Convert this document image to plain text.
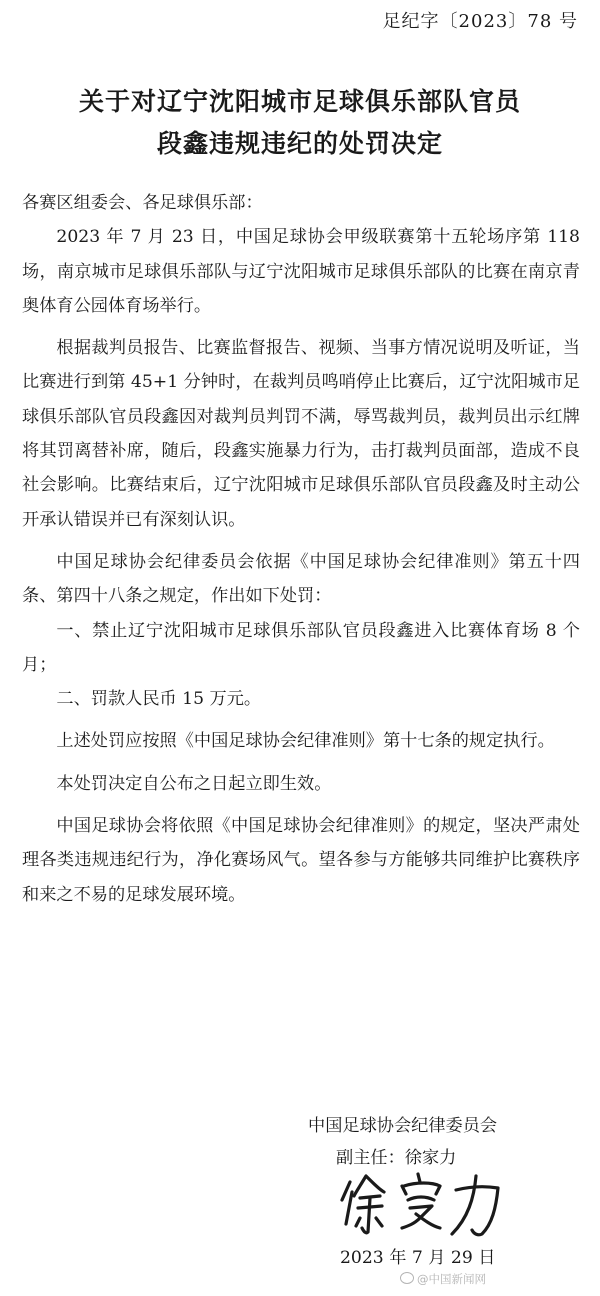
足纪字〔2023〕78 号
关于对辽宁沈阳城市足球俱乐部队官员
段鑫违规违纪的处罚决定

各赛区组委会、各足球俱乐部：

2023 年 7 月 23 日，中国足球协会甲级联赛第十五轮场序第 118 场，南京城市足球俱乐部队与辽宁沈阳城市足球俱乐部队的比赛在南京青奥体育公园体育场举行。

根据裁判员报告、比赛监督报告、视频、当事方情况说明及听证，当比赛进行到第 45+1 分钟时，在裁判员鸣哨停止比赛后，辽宁沈阳城市足球俱乐部队官员段鑫因对裁判员判罚不满，辱骂裁判员，裁判员出示红牌将其罚离替补席，随后，段鑫实施暴力行为，击打裁判员面部，造成不良社会影响。比赛结束后，辽宁沈阳城市足球俱乐部队官员段鑫及时主动公开承认错误并已有深刻认识。

中国足球协会纪律委员会依据《中国足球协会纪律准则》第五十四条、第四十八条之规定，作出如下处罚：

一、禁止辽宁沈阳城市足球俱乐部队官员段鑫进入比赛体育场 8 个月；

二、罚款人民币 15 万元。

上述处罚应按照《中国足球协会纪律准则》第十七条的规定执行。

本处罚决定自公布之日起立即生效。

中国足球协会将依照《中国足球协会纪律准则》的规定，坚决严肃处理各类违规违纪行为，净化赛场风气。望各参与方能够共同维护比赛秩序和来之不易的足球发展环境。

中国足球协会纪律委员会
副主任：徐家力
2023 年 7 月 29 日
@中国新闻网
